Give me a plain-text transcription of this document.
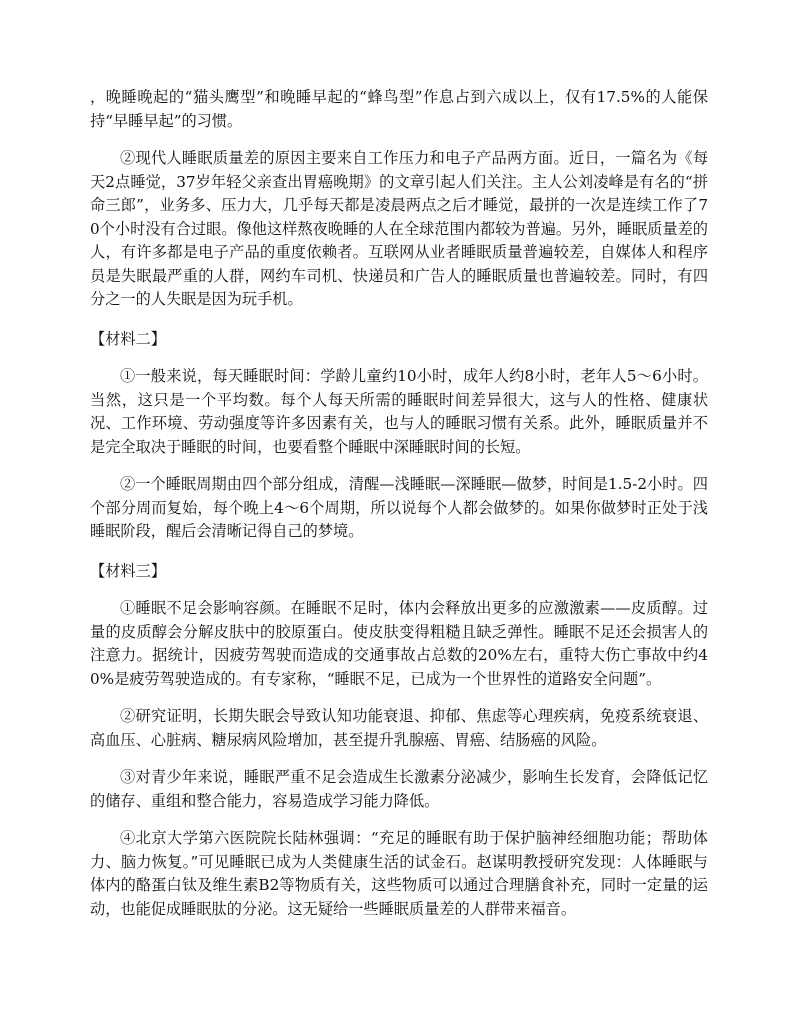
，晚睡晚起的“猫头鹰型”和晚睡早起的“蜂鸟型”作息占到六成以上，仅有17.5%的人能保持“早睡早起”的习惯。

②现代人睡眠质量差的原因主要来自工作压力和电子产品两方面。近日，一篇名为《每天2点睡觉，37岁年轻父亲查出胃癌晚期》的文章引起人们关注。主人公刘凌峰是有名的“拼命三郎”，业务多、压力大，几乎每天都是凌晨两点之后才睡觉，最拼的一次是连续工作了70个小时没有合过眼。像他这样熬夜晚睡的人在全球范围内都较为普遍。另外，睡眠质量差的人，有许多都是电子产品的重度依赖者。互联网从业者睡眠质量普遍较差，自媒体人和程序员是失眠最严重的人群，网约车司机、快递员和广告人的睡眠质量也普遍较差。同时，有四分之一的人失眠是因为玩手机。

【材料二】

①一般来说，每天睡眠时间：学龄儿童约10小时，成年人约8小时，老年人5～6小时。当然，这只是一个平均数。每个人每天所需的睡眠时间差异很大，这与人的性格、健康状况、工作环境、劳动强度等许多因素有关，也与人的睡眠习惯有关系。此外，睡眠质量并不是完全取决于睡眠的时间，也要看整个睡眠中深睡眠时间的长短。

②一个睡眠周期由四个部分组成，清醒—浅睡眠—深睡眠—做梦，时间是1.5-2小时。四个部分周而复始，每个晚上4～6个周期，所以说每个人都会做梦的。如果你做梦时正处于浅睡眠阶段，醒后会清晰记得自己的梦境。

【材料三】

①睡眠不足会影响容颜。在睡眠不足时，体内会释放出更多的应激激素——皮质醇。过量的皮质醇会分解皮肤中的胶原蛋白。使皮肤变得粗糙且缺乏弹性。睡眠不足还会损害人的注意力。据统计，因疲劳驾驶而造成的交通事故占总数的20%左右，重特大伤亡事故中约40%是疲劳驾驶造成的。有专家称，“睡眠不足，已成为一个世界性的道路安全问题”。

②研究证明，长期失眠会导致认知功能衰退、抑郁、焦虑等心理疾病，免疫系统衰退、高血压、心脏病、糖尿病风险增加，甚至提升乳腺癌、胃癌、结肠癌的风险。

③对青少年来说，睡眠严重不足会造成生长激素分泌减少，影响生长发育，会降低记忆的储存、重组和整合能力，容易造成学习能力降低。

④北京大学第六医院院长陆林强调：“充足的睡眠有助于保护脑神经细胞功能；帮助体力、脑力恢复。”可见睡眠已成为人类健康生活的试金石。赵谋明教授研究发现：人体睡眠与体内的酪蛋白钛及维生素B2等物质有关，这些物质可以通过合理膳食补充，同时一定量的运动，也能促成睡眠肽的分泌。这无疑给一些睡眠质量差的人群带来福音。
